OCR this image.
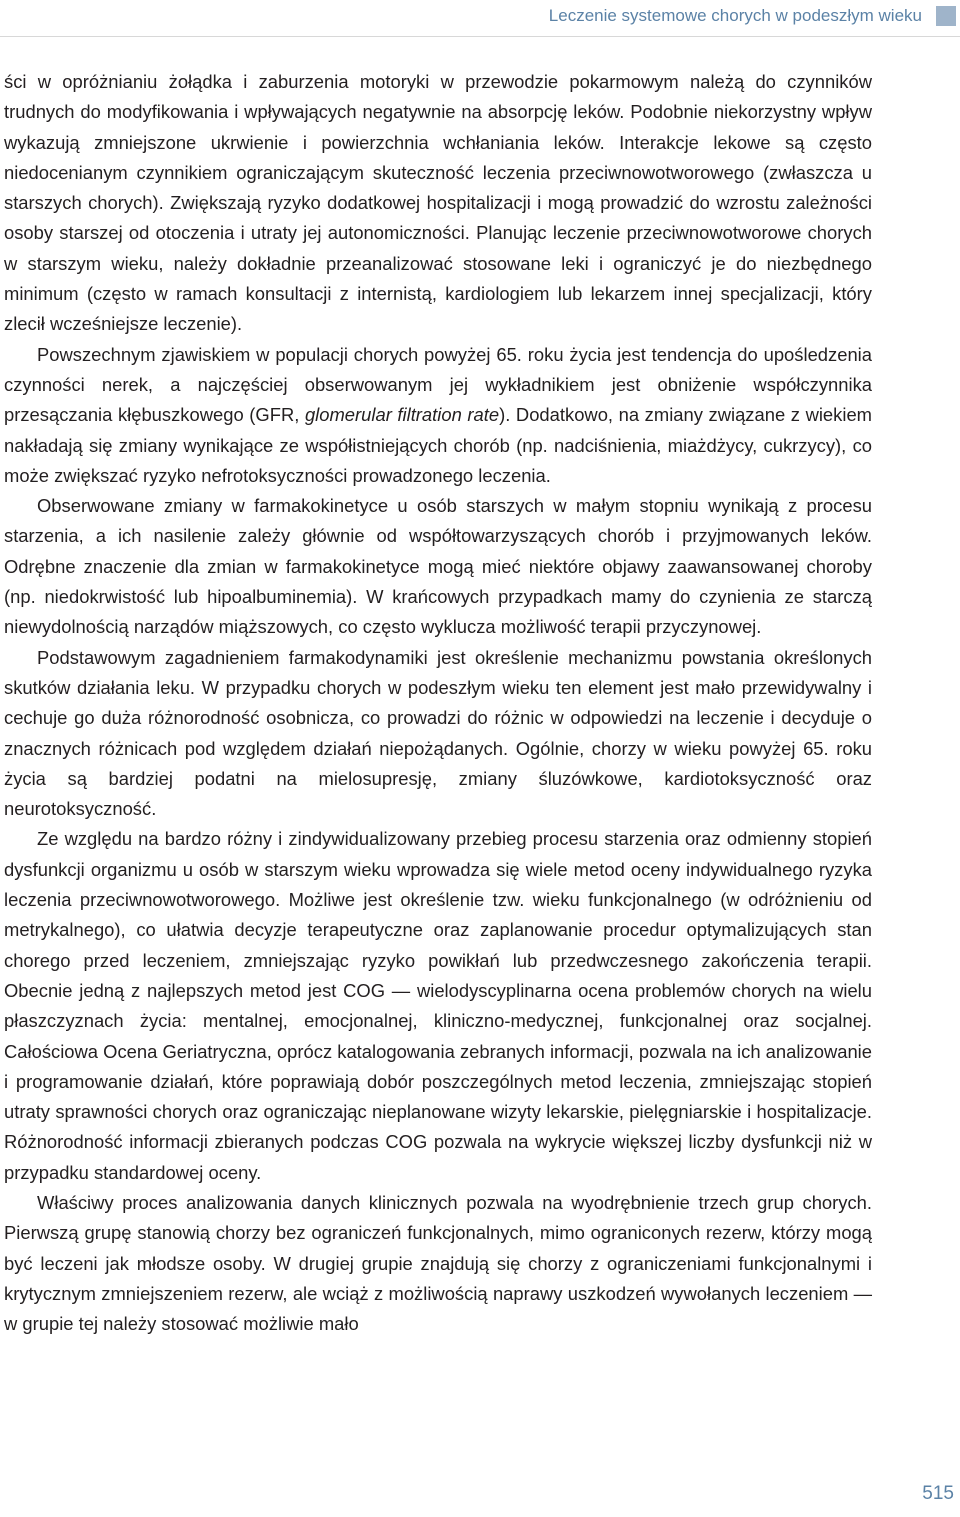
Leczenie systemowe chorych w podeszłym wieku

ści w opróżnianiu żołądka i zaburzenia motoryki w przewodzie pokarmowym należą do czynników trudnych do modyfikowania i wpływających negatywnie na absorpcję leków. Podobnie niekorzystny wpływ wykazują zmniejszone ukrwienie i powierzchnia wchłaniania leków. Interakcje lekowe są często niedocenianym czynnikiem ograniczającym skuteczność leczenia przeciwnowotworowego (zwłaszcza u starszych chorych). Zwiększają ryzyko dodatkowej hospitalizacji i mogą prowadzić do wzrostu zależności osoby starszej od otoczenia i utraty jej autonomiczności. Planując leczenie przeciwnowotworowe chorych w starszym wieku, należy dokładnie przeanalizować stosowane leki i ograniczyć je do niezbędnego minimum (często w ramach konsultacji z internistą, kardiologiem lub lekarzem innej specjalizacji, który zlecił wcześniejsze leczenie).

Powszechnym zjawiskiem w populacji chorych powyżej 65. roku życia jest tendencja do upośledzenia czynności nerek, a najczęściej obserwowanym jej wykładnikiem jest obniżenie współczynnika przesączania kłębuszkowego (GFR, glomerular filtration rate). Dodatkowo, na zmiany związane z wiekiem nakładają się zmiany wynikające ze współistniejących chorób (np. nadciśnienia, miażdżycy, cukrzycy), co może zwiększać ryzyko nefrotoksyczności prowadzonego leczenia.

Obserwowane zmiany w farmakokinetyce u osób starszych w małym stopniu wynikają z procesu starzenia, a ich nasilenie zależy głównie od współtowarzyszących chorób i przyjmowanych leków. Odrębne znaczenie dla zmian w farmakokinetyce mogą mieć niektóre objawy zaawansowanej choroby (np. niedokrwistość lub hipoalbuminemia). W krańcowych przypadkach mamy do czynienia ze starczą niewydolnością narządów miąższowych, co często wyklucza możliwość terapii przyczynowej.

Podstawowym zagadnieniem farmakodynamiki jest określenie mechanizmu powstania określonych skutków działania leku. W przypadku chorych w podeszłym wieku ten element jest mało przewidywalny i cechuje go duża różnorodność osobnicza, co prowadzi do różnic w odpowiedzi na leczenie i decyduje o znacznych różnicach pod względem działań niepożądanych. Ogólnie, chorzy w wieku powyżej 65. roku życia są bardziej podatni na mielosupresję, zmiany śluzówkowe, kardiotoksyczność oraz neurotoksyczność.

Ze względu na bardzo różny i zindywidualizowany przebieg procesu starzenia oraz odmienny stopień dysfunkcji organizmu u osób w starszym wieku wprowadza się wiele metod oceny indywidualnego ryzyka leczenia przeciwnowotworowego. Możliwe jest określenie tzw. wieku funkcjonalnego (w odróżnieniu od metrykalnego), co ułatwia decyzje terapeutyczne oraz zaplanowanie procedur optymalizujących stan chorego przed leczeniem, zmniejszając ryzyko powikłań lub przedwczesnego zakończenia terapii. Obecnie jedną z najlepszych metod jest COG — wielodyscyplinarna ocena problemów chorych na wielu płaszczyznach życia: mentalnej, emocjonalnej, kliniczno-medycznej, funkcjonalnej oraz socjalnej. Całościowa Ocena Geriatryczna, oprócz katalogowania zebranych informacji, pozwala na ich analizowanie i programowanie działań, które poprawiają dobór poszczególnych metod leczenia, zmniejszając stopień utraty sprawności chorych oraz ograniczając nieplanowane wizyty lekarskie, pielęgniarskie i hospitalizacje. Różnorodność informacji zbieranych podczas COG pozwala na wykrycie większej liczby dysfunkcji niż w przypadku standardowej oceny.

Właściwy proces analizowania danych klinicznych pozwala na wyodrębnienie trzech grup chorych. Pierwszą grupę stanowią chorzy bez ograniczeń funkcjonalnych, mimo ograniconych rezerw, którzy mogą być leczeni jak młodsze osoby. W drugiej grupie znajdują się chorzy z ograniczeniami funkcjonalnymi i krytycznym zmniejszeniem rezerw, ale wciąż z możliwością naprawy uszkodzeń wywołanych leczeniem — w grupie tej należy stosować możliwie mało

515
